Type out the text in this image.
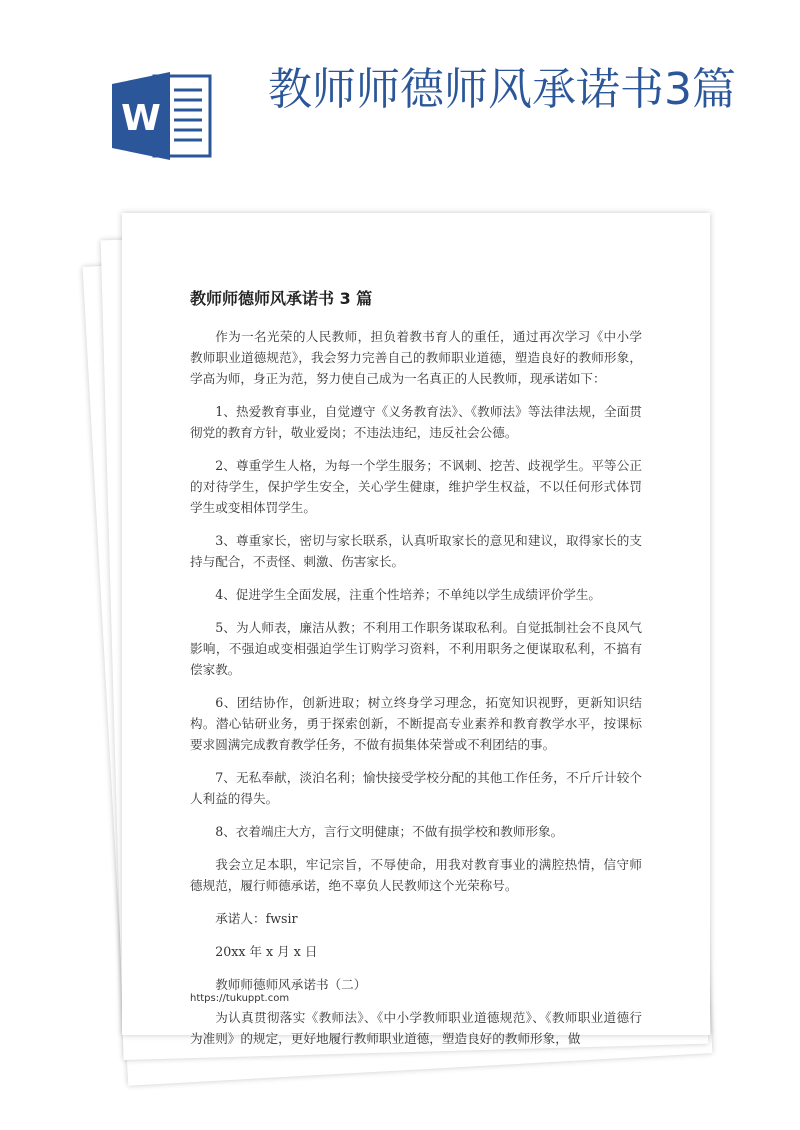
W
教师师德师风承诺书3篇
教师师德师风承诺书 3 篇

作为一名光荣的人民教师，担负着教书育人的重任，通过再次学习《中小学教师职业道德规范》，我会努力完善自己的教师职业道德，塑造良好的教师形象，学高为师，身正为范，努力使自己成为一名真正的人民教师，现承诺如下：

1、热爱教育事业，自觉遵守《义务教育法》、《教师法》等法律法规，全面贯彻党的教育方针，敬业爱岗；不违法违纪，违反社会公德。

2、尊重学生人格，为每一个学生服务；不讽刺、挖苦、歧视学生。平等公正的对待学生，保护学生安全，关心学生健康，维护学生权益，不以任何形式体罚学生或变相体罚学生。

3、尊重家长，密切与家长联系，认真听取家长的意见和建议，取得家长的支持与配合，不责怪、刺激、伤害家长。

4、促进学生全面发展，注重个性培养；不单纯以学生成绩评价学生。

5、为人师表，廉洁从教；不利用工作职务谋取私利。自觉抵制社会不良风气影响，不强迫或变相强迫学生订购学习资料，不利用职务之便谋取私利，不搞有偿家教。

6、团结协作，创新进取；树立终身学习理念，拓宽知识视野，更新知识结构。潜心钻研业务，勇于探索创新，不断提高专业素养和教育教学水平，按课标要求圆满完成教育教学任务，不做有损集体荣誉或不利团结的事。

7、无私奉献，淡泊名利；愉快接受学校分配的其他工作任务，不斤斤计较个人利益的得失。

8、衣着端庄大方，言行文明健康；不做有损学校和教师形象。

我会立足本职，牢记宗旨，不辱使命，用我对教育事业的满腔热情，信守师德规范，履行师德承诺，绝不辜负人民教师这个光荣称号。

承诺人：fwsir

20xx 年 x 月 x 日

教师师德师风承诺书（二）

为认真贯彻落实《教师法》、《中小学教师职业道德规范》、《教师职业道德行为准则》的规定，更好地履行教师职业道德，塑造良好的教师形象，做

https://tukuppt.com
